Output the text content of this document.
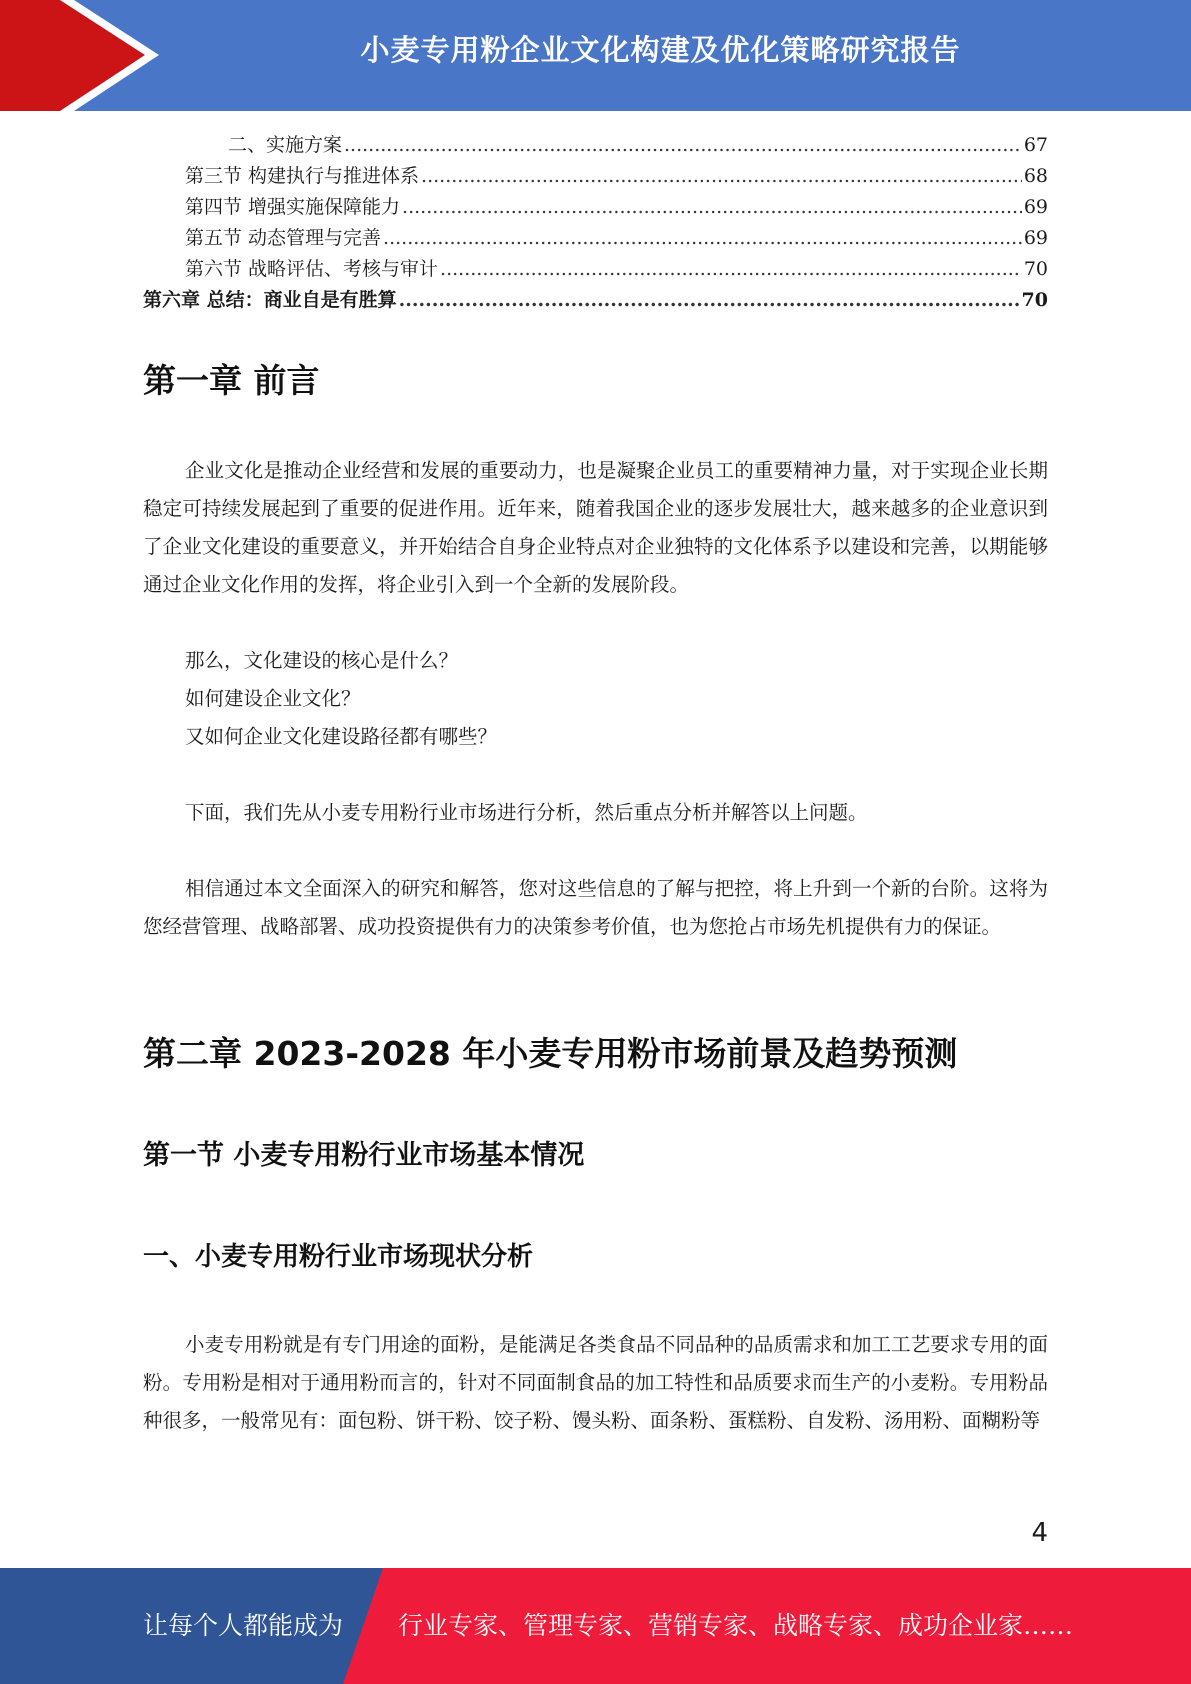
小麦专用粉企业文化构建及优化策略研究报告
二、实施方案 .....	67
第三节 构建执行与推进体系 .....	68
第四节 增强实施保障能力 .....	69
第五节 动态管理与完善 .....	69
第六节 战略评估、考核与审计 .....	70
第六章 总结：商业自是有胜算 .....	70
第一章 前言

企业文化是推动企业经营和发展的重要动力，也是凝聚企业员工的重要精神力量，对于实现企业长期稳定可持续发展起到了重要的促进作用。近年来，随着我国企业的逐步发展壮大，越来越多的企业意识到了企业文化建设的重要意义，并开始结合自身企业特点对企业独特的文化体系予以建设和完善，以期能够通过企业文化作用的发挥，将企业引入到一个全新的发展阶段。

那么，文化建设的核心是什么？
如何建设企业文化？
又如何企业文化建设路径都有哪些？

下面，我们先从小麦专用粉行业市场进行分析，然后重点分析并解答以上问题。

相信通过本文全面深入的研究和解答，您对这些信息的了解与把控，将上升到一个新的台阶。这将为您经营管理、战略部署、成功投资提供有力的决策参考价值，也为您抢占市场先机提供有力的保证。

第二章 2023-2028 年小麦专用粉市场前景及趋势预测
第一节 小麦专用粉行业市场基本情况
一、小麦专用粉行业市场现状分析

小麦专用粉就是有专门用途的面粉，是能满足各类食品不同品种的品质需求和加工工艺要求专用的面粉。专用粉是相对于通用粉而言的，针对不同面制食品的加工特性和品质要求而生产的小麦粉。专用粉品种很多，一般常见有：面包粉、饼干粉、饺子粉、馒头粉、面条粉、蛋糕粉、自发粉、汤用粉、面糊粉等

4
让每个人都能成为 行业专家、管理专家、营销专家、战略专家、成功企业家……
